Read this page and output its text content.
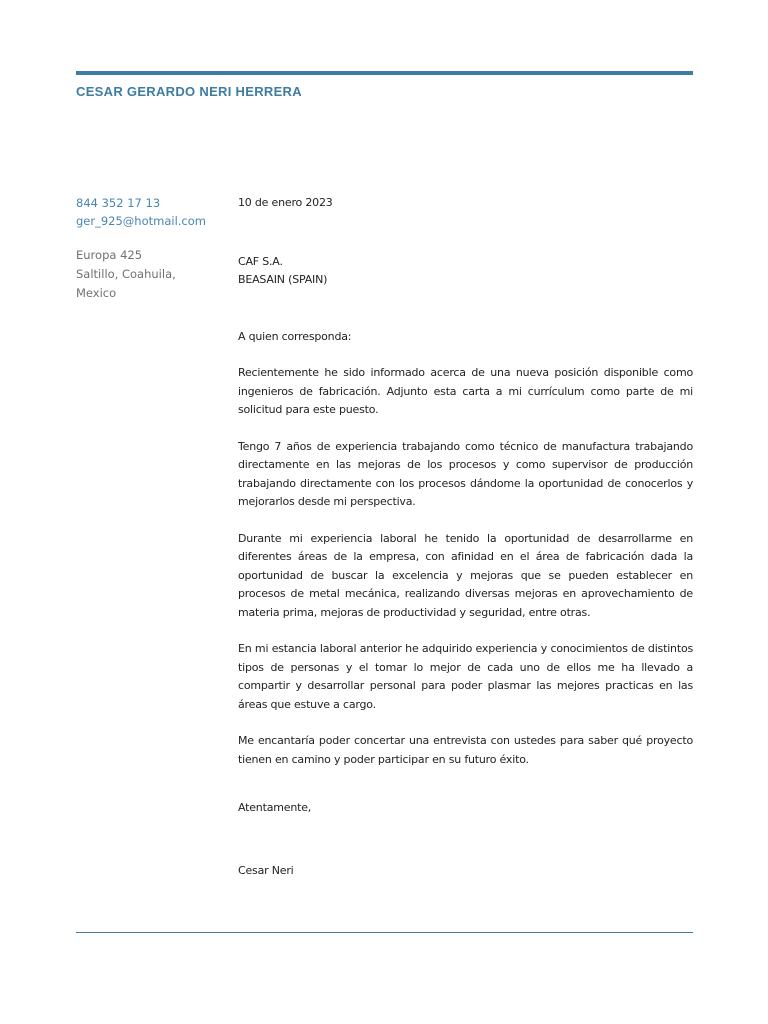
CESAR GERARDO NERI HERRERA
844 352 17 13
ger_925@hotmail.com
Europa 425
Saltillo, Coahuila,
Mexico
10 de enero 2023
CAF S.A.
BEASAIN (SPAIN)

A quien corresponda:

Recientemente he sido informado acerca de una nueva posición disponible como ingenieros de fabricación. Adjunto esta carta a mi currículum como parte de mi solicitud para este puesto.

Tengo 7 años de experiencia trabajando como técnico de manufactura trabajando directamente en las mejoras de los procesos y como supervisor de producción trabajando directamente con los procesos dándome la oportunidad de conocerlos y mejorarlos desde mi perspectiva.

Durante mi experiencia laboral he tenido la oportunidad de desarrollarme en diferentes áreas de la empresa, con afinidad en el área de fabricación dada la oportunidad de buscar la excelencia y mejoras que se pueden establecer en procesos de metal mecánica, realizando diversas mejoras en aprovechamiento de materia prima, mejoras de productividad y seguridad, entre otras.

En mi estancia laboral anterior he adquirido experiencia y conocimientos de distintos tipos de personas y el tomar lo mejor de cada uno de ellos me ha llevado a compartir y desarrollar personal para poder plasmar las mejores practicas en las áreas que estuve a cargo.

Me encantaría poder concertar una entrevista con ustedes para saber qué proyecto tienen en camino y poder participar en su futuro éxito.

Atentamente,

Cesar Neri
